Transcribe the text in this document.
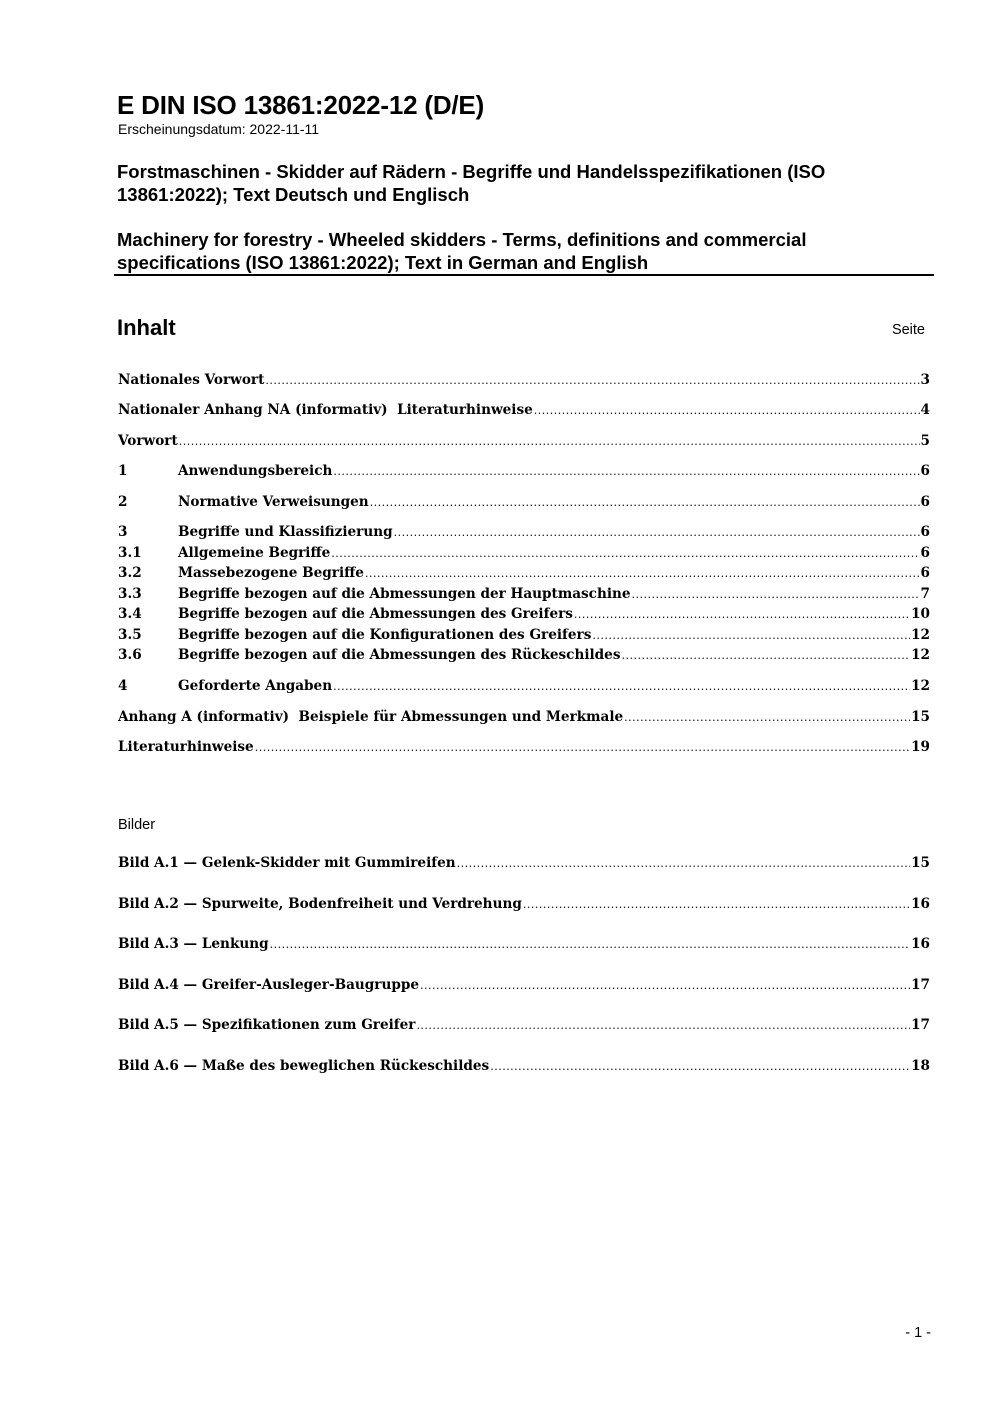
E DIN ISO 13861:2022-12 (D/E)

Erscheinungsdatum: 2022-11-11

Forstmaschinen - Skidder auf Rädern - Begriffe und Handelsspezifikationen (ISO
13861:2022); Text Deutsch und Englisch
Machinery for forestry - Wheeled skidders - Terms, definitions and commercial
specifications (ISO 13861:2022); Text in German and English
Inhalt	Seite
Nationales Vorwort .....	3
Nationaler Anhang NA (informativ)  Literaturhinweise .....	4
Vorwort .....	5
1	Anwendungsbereich .....	6
2	Normative Verweisungen .....	6
3	Begriffe und Klassifizierung .....	6
3.1	Allgemeine Begriffe .....	6
3.2	Massebezogene Begriffe .....	6
3.3	Begriffe bezogen auf die Abmessungen der Hauptmaschine .....	7
3.4	Begriffe bezogen auf die Abmessungen des Greifers .....	10
3.5	Begriffe bezogen auf die Konfigurationen des Greifers .....	12
3.6	Begriffe bezogen auf die Abmessungen des Rückeschildes .....	12
4	Geforderte Angaben .....	12
Anhang A (informativ)  Beispiele für Abmessungen und Merkmale .....	15
Literaturhinweise .....	19
Bilder
Bild A.1 — Gelenk-Skidder mit Gummireifen .....	15
Bild A.2 — Spurweite, Bodenfreiheit und Verdrehung .....	16
Bild A.3 — Lenkung .....	16
Bild A.4 — Greifer-Ausleger-Baugruppe .....	17
Bild A.5 — Spezifikationen zum Greifer .....	17
Bild A.6 — Maße des beweglichen Rückeschildes .....	18
- 1 -
